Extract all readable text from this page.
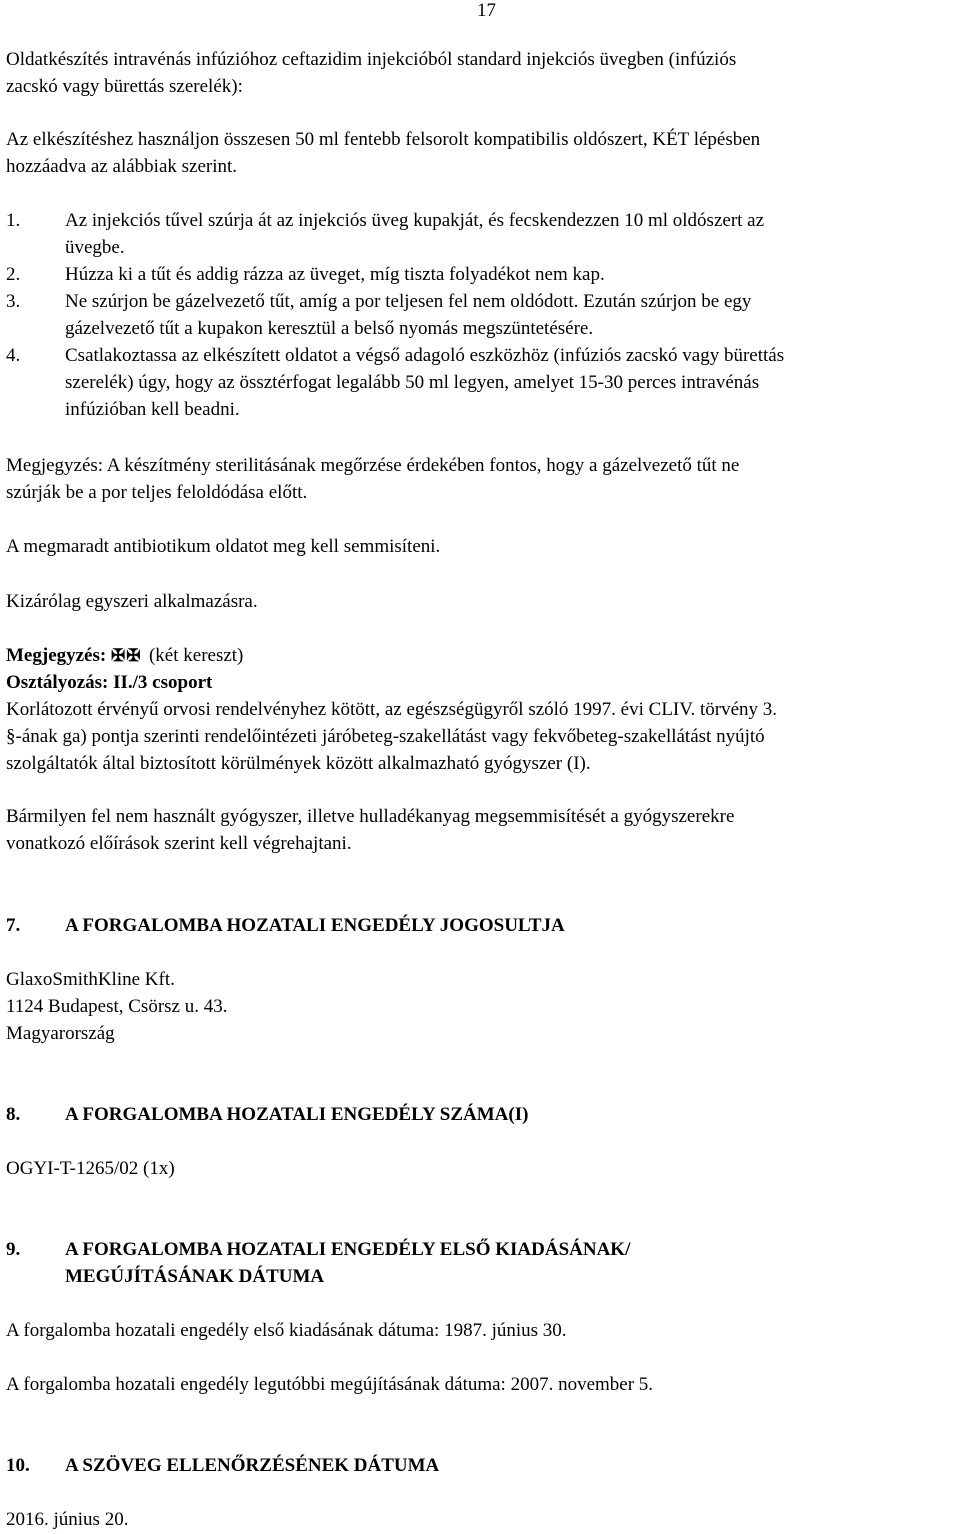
17
Oldatkészítés intravénás infúzióhoz ceftazidim injekcióból standard injekciós üvegben (infúziós
zacskó vagy bürettás szerelék):
Az elkészítéshez használjon összesen 50 ml fentebb felsorolt kompatibilis oldószert, KÉT lépésben
hozzáadva az alábbiak szerint.
1. Az injekciós tűvel szúrja át az injekciós üveg kupakját, és fecskendezzen 10 ml oldószert az
üvegbe.
2. Húzza ki a tűt és addig rázza az üveget, míg tiszta folyadékot nem kap.
3. Ne szúrjon be gázelvezető tűt, amíg a por teljesen fel nem oldódott. Ezután szúrjon be egy
gázelvezető tűt a kupakon keresztül a belső nyomás megszüntetésére.
4. Csatlakoztassa az elkészített oldatot a végső adagoló eszközhöz (infúziós zacskó vagy bürettás
szerelék) úgy, hogy az össztérfogat legalább 50 ml legyen, amelyet 15-30 perces intravénás
infúzióban kell beadni.
Megjegyzés: A készítmény sterilitásának megőrzése érdekében fontos, hogy a gázelvezető tűt ne
szúrják be a por teljes feloldódása előtt.
A megmaradt antibiotikum oldatot meg kell semmisíteni.
Kizárólag egyszeri alkalmazásra.
Megjegyzés: ✠✠ (két kereszt)
Osztályozás: II./3 csoport
Korlátozott érvényű orvosi rendelvényhez kötött, az egészségügyről szóló 1997. évi CLIV. törvény 3.
§-ának ga) pontja szerinti rendelőintézeti járóbeteg-szakellátást vagy fekvőbeteg-szakellátást nyújtó
szolgáltatók által biztosított körülmények között alkalmazható gyógyszer (I).
Bármilyen fel nem használt gyógyszer, illetve hulladékanyag megsemmisítését a gyógyszerekre
vonatkozó előírások szerint kell végrehajtani.
7. A FORGALOMBA HOZATALI ENGEDÉLY JOGOSULTJA
GlaxoSmithKline Kft.
1124 Budapest, Csörsz u. 43.
Magyarország
8. A FORGALOMBA HOZATALI ENGEDÉLY SZÁMA(I)
OGYI-T-1265/02 (1x)
9. A FORGALOMBA HOZATALI ENGEDÉLY ELSŐ KIADÁSÁNAK/
MEGÚJÍTÁSÁNAK DÁTUMA
A forgalomba hozatali engedély első kiadásának dátuma: 1987. június 30.
A forgalomba hozatali engedély legutóbbi megújításának dátuma: 2007. november 5.
10. A SZÖVEG ELLENŐRZÉSÉNEK DÁTUMA
2016. június 20.
